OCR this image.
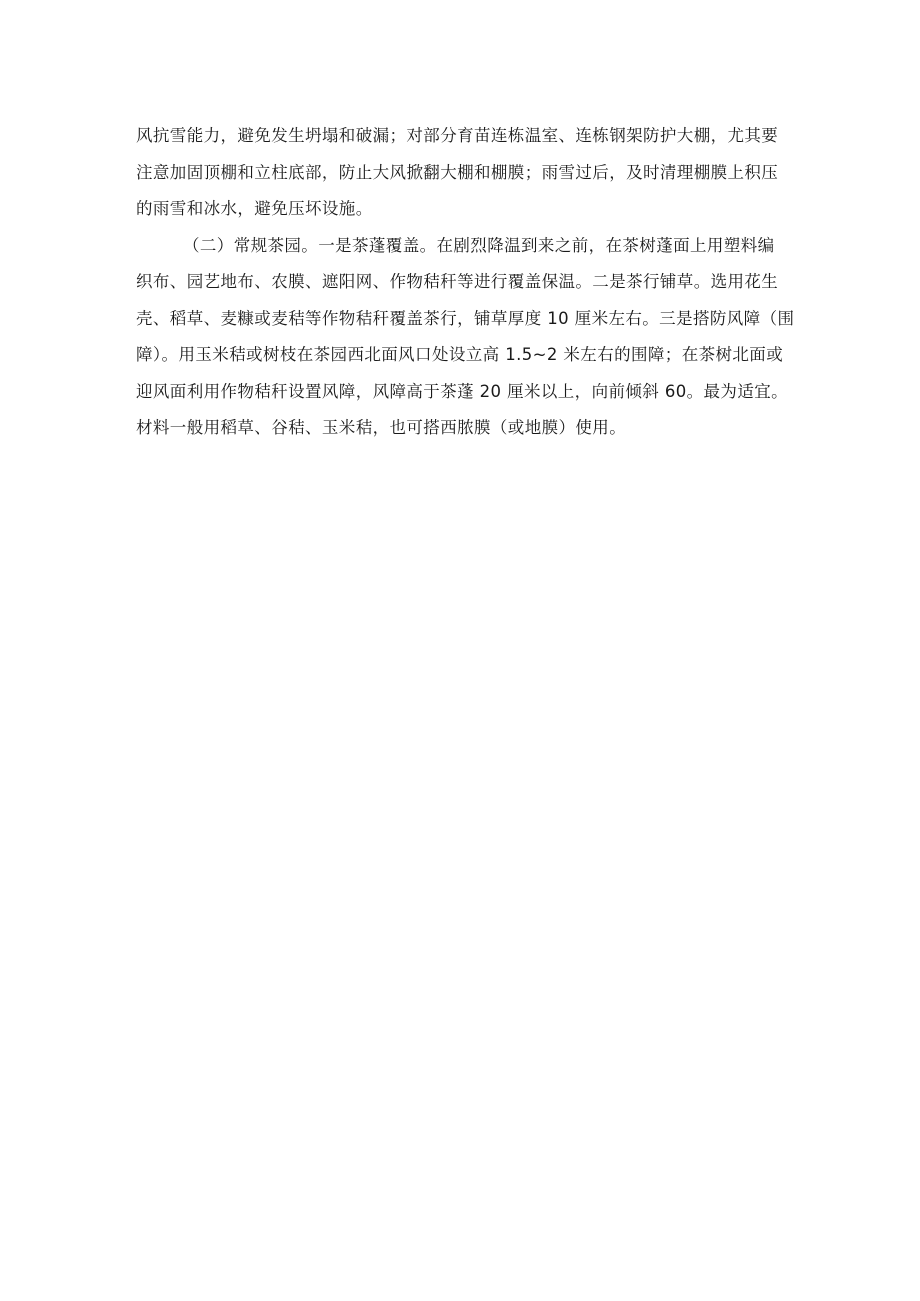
风抗雪能力，避免发生坍塌和破漏；对部分育苗连栋温室、连栋钢架防护大棚，尤其要
注意加固顶棚和立柱底部，防止大风掀翻大棚和棚膜；雨雪过后，及时清理棚膜上积压
的雨雪和冰水，避免压坏设施。
（二）常规茶园。一是茶蓬覆盖。在剧烈降温到来之前，在茶树蓬面上用塑料编
织布、园艺地布、农膜、遮阳网、作物秸秆等进行覆盖保温。二是茶行铺草。选用花生
壳、稻草、麦糠或麦秸等作物秸秆覆盖茶行，铺草厚度 10 厘米左右。三是搭防风障（围
障）。用玉米秸或树枝在茶园西北面风口处设立高 1.5~2 米左右的围障；在茶树北面或
迎风面利用作物秸秆设置风障，风障高于茶蓬 20 厘米以上，向前倾斜 60。最为适宜。
材料一般用稻草、谷秸、玉米秸，也可搭西脓膜（或地膜）使用。
